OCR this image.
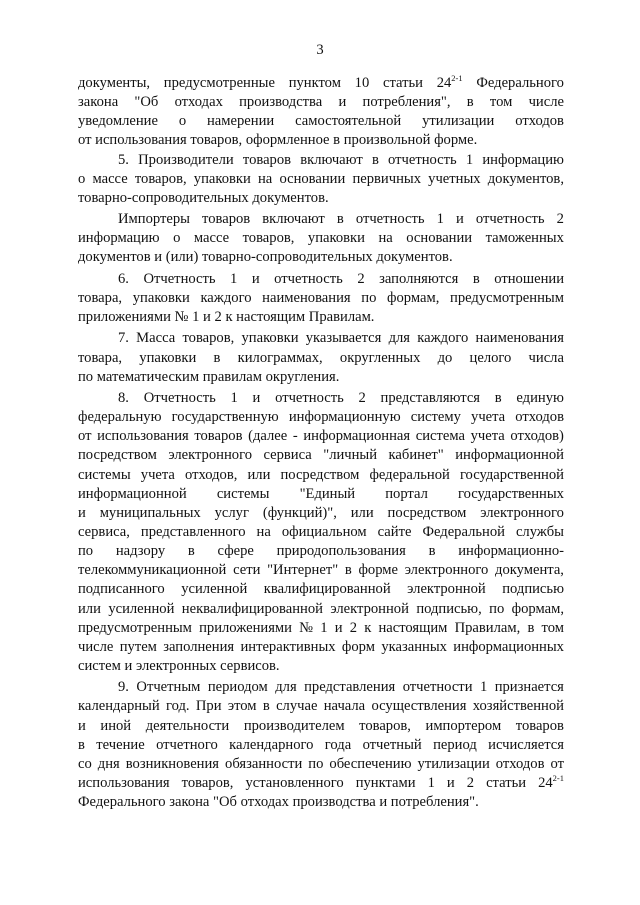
3
документы, предусмотренные пунктом 10 статьи 24$^{2-1}$ Федерального
закона "Об отходах производства и потребления", в том числе
уведомление о намерении самостоятельной утилизации отходов
от использования товаров, оформленное в произвольной форме.
5. Производители товаров включают в отчетность 1 информацию
о массе товаров, упаковки на основании первичных учетных документов,
товарно-сопроводительных документов.
Импортеры товаров включают в отчетность 1 и отчетность 2
информацию о массе товаров, упаковки на основании таможенных
документов и (или) товарно-сопроводительных документов.
6. Отчетность 1 и отчетность 2 заполняются в отношении
товара, упаковки каждого наименования по формам, предусмотренным
приложениями № 1 и 2 к настоящим Правилам.
7. Масса товаров, упаковки указывается для каждого наименования
товара, упаковки в килограммах, округленных до целого числа
по математическим правилам округления.
8. Отчетность 1 и отчетность 2 представляются в единую
федеральную государственную информационную систему учета отходов
от использования товаров (далее - информационная система учета отходов)
посредством электронного сервиса "личный кабинет" информационной
системы учета отходов, или посредством федеральной государственной
информационной системы "Единый портал государственных
и муниципальных услуг (функций)", или посредством электронного
сервиса, представленного на официальном сайте Федеральной службы
по надзору в сфере природопользования в информационно-
телекоммуникационной сети "Интернет" в форме электронного документа,
подписанного усиленной квалифицированной электронной подписью
или усиленной неквалифицированной электронной подписью, по формам,
предусмотренным приложениями № 1 и 2 к настоящим Правилам, в том
числе путем заполнения интерактивных форм указанных информационных
систем и электронных сервисов.
9. Отчетным периодом для представления отчетности 1 признается
календарный год. При этом в случае начала осуществления хозяйственной
и иной деятельности производителем товаров, импортером товаров
в течение отчетного календарного года отчетный период исчисляется
со дня возникновения обязанности по обеспечению утилизации отходов от
использования товаров, установленного пунктами 1 и 2 статьи 24$^{2-1}$
Федерального закона "Об отходах производства и потребления".
